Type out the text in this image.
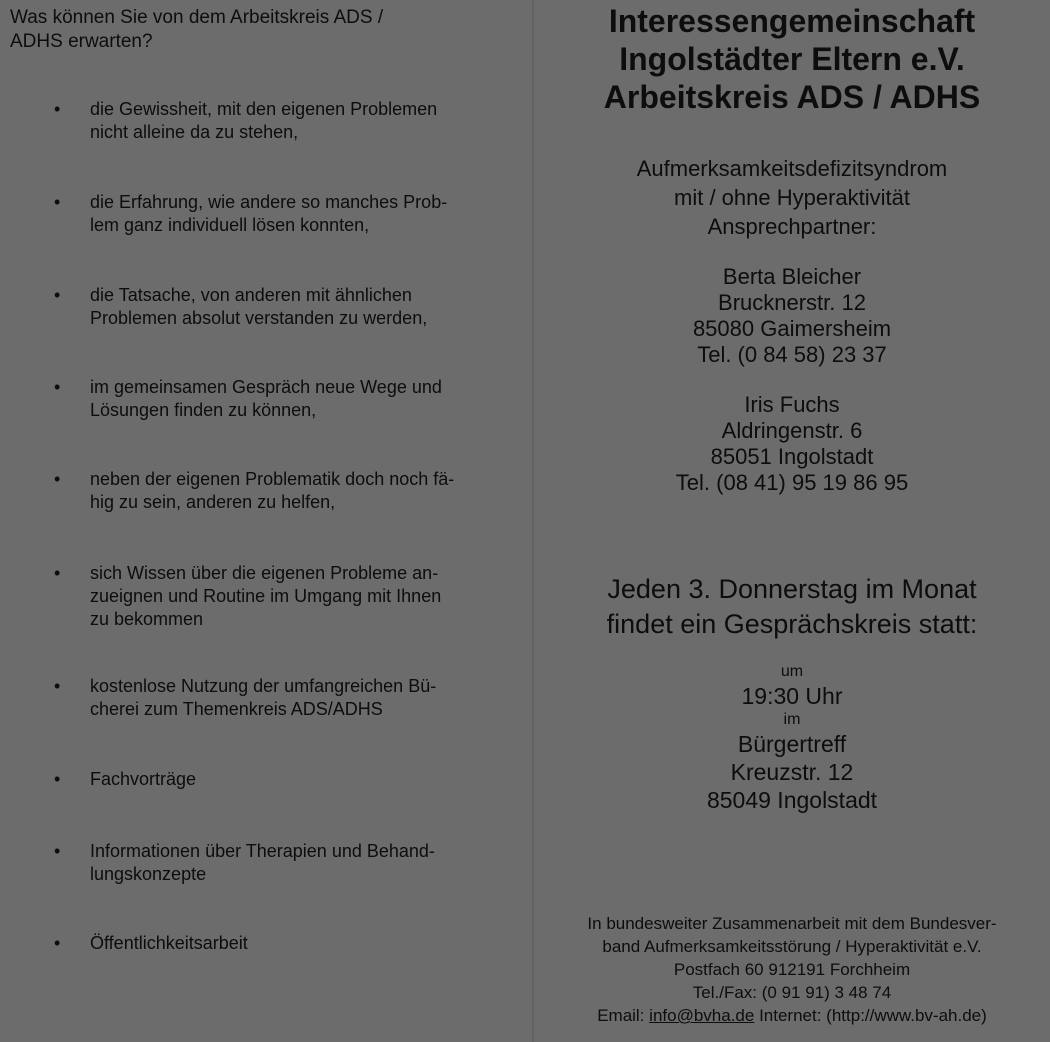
Was können Sie von dem Arbeitskreis ADS /
ADHS erwarten?
•	die Gewissheit, mit den eigenen Problemen
nicht alleine da zu stehen,
•	die Erfahrung, wie andere so manches Prob-
lem ganz individuell lösen konnten,
•	die Tatsache, von anderen mit ähnlichen
Problemen absolut verstanden zu werden,
•	im gemeinsamen Gespräch neue Wege und
Lösungen finden zu können,
•	neben der eigenen Problematik doch noch fä-
hig zu sein, anderen zu helfen,
•	sich Wissen über die eigenen Probleme an-
zueignen und Routine im Umgang mit Ihnen
zu bekommen
•	kostenlose Nutzung der umfangreichen Bü-
cherei zum Themenkreis ADS/ADHS
•	Fachvorträge
•	Informationen über Therapien und Behand-
lungskonzepte
•	Öffentlichkeitsarbeit
Interessengemeinschaft
Ingolstädter Eltern e.V.
Arbeitskreis ADS / ADHS
Aufmerksamkeitsdefizitsyndrom
mit / ohne Hyperaktivität
Ansprechpartner:
Berta Bleicher
Brucknerstr. 12
85080 Gaimersheim
Tel. (0 84 58) 23 37
Iris Fuchs
Aldringenstr. 6
85051 Ingolstadt
Tel. (08 41) 95 19 86 95
Jeden 3. Donnerstag im Monat
findet ein Gesprächskreis statt:
um
19:30 Uhr
im
Bürgertreff
Kreuzstr. 12
85049 Ingolstadt
In bundesweiter Zusammenarbeit mit dem Bundesver-
band Aufmerksamkeitsstörung / Hyperaktivität e.V.
Postfach 60 912191 Forchheim
Tel./Fax: (0 91 91) 3 48 74
Email: info@bvha.de Internet: (http://www.bv-ah.de)
